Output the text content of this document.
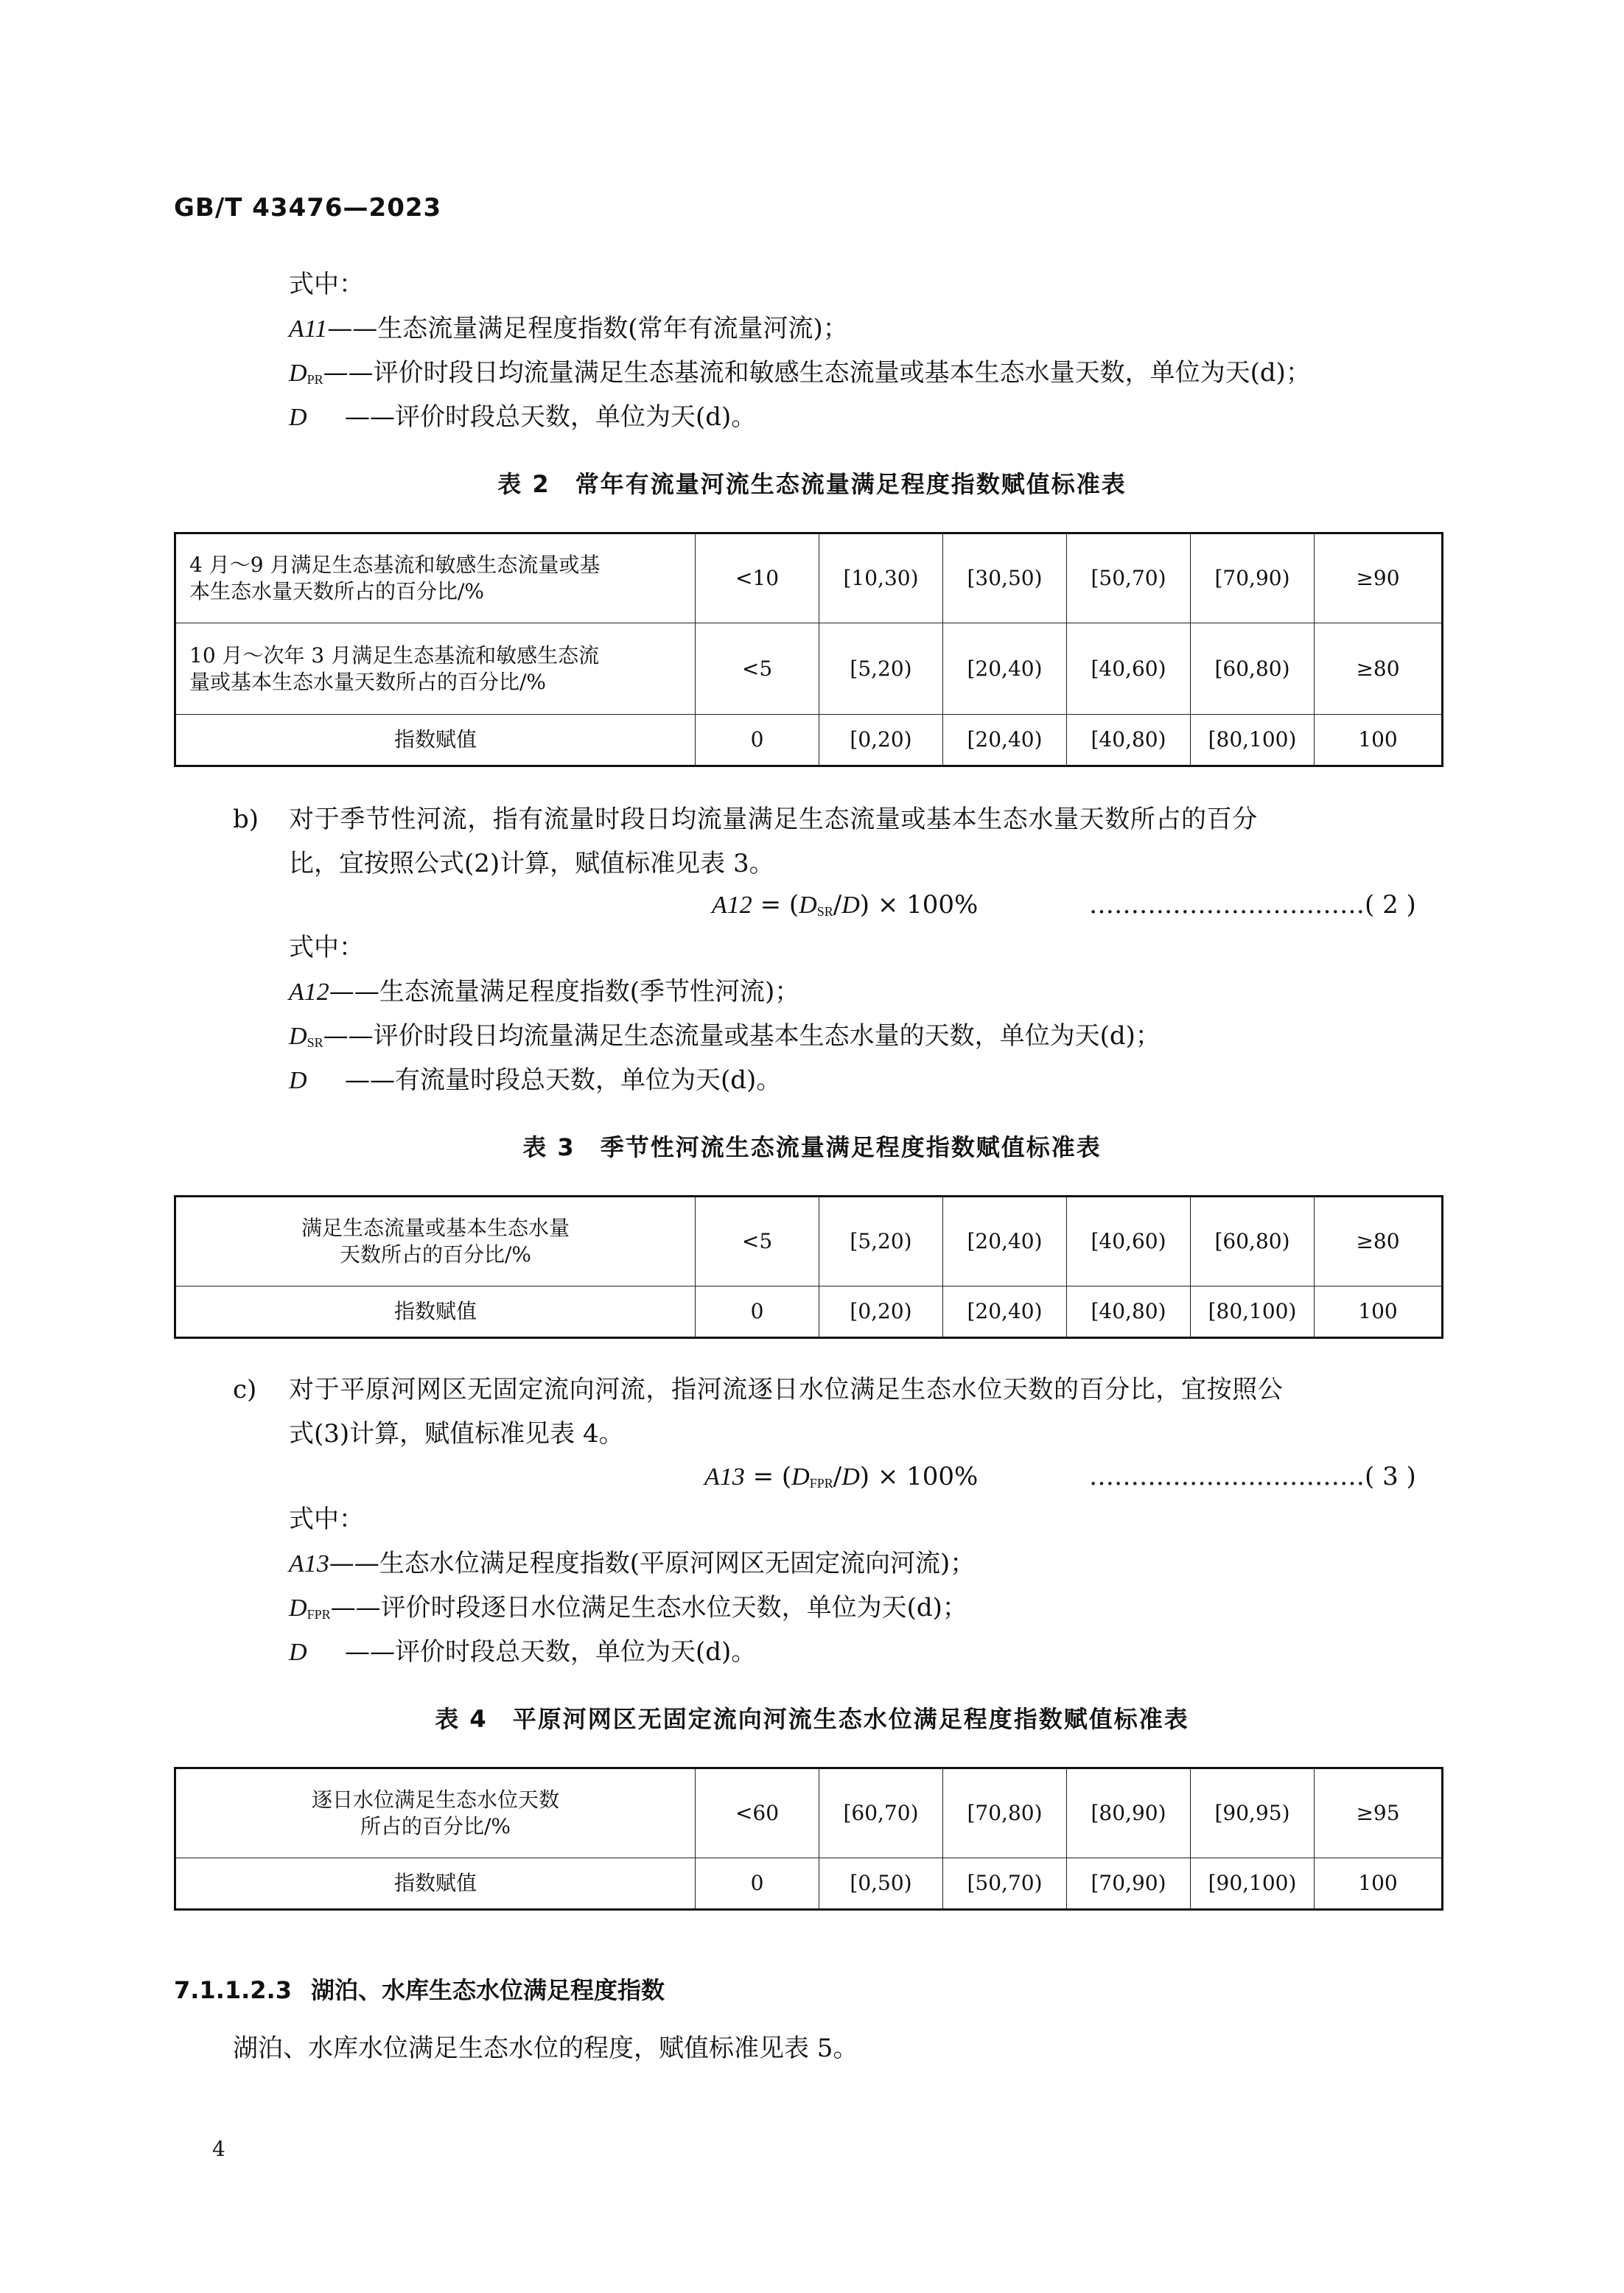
GB/T 43476—2023
式中：
A11——生态流量满足程度指数(常年有流量河流)；
$D_{PR}——$评价时段日均流量满足生态基流和敏感生态流量或基本生态水量天数，单位为天(d)；
D ——评价时段总天数，单位为天(d)。
表 2　常年有流量河流生态流量满足程度指数赋值标准表
4 月～9 月满足生态基流和敏感生态流量或基
本生态水量天数所占的百分比/%	<10	[10,30)	[30,50)	[50,70)	[70,90)	≥90
10 月～次年 3 月满足生态基流和敏感生态流
量或基本生态水量天数所占的百分比/%	<5	[5,20)	[20,40)	[40,60)	[60,80)	≥80
指数赋值	0	[0,20)	[20,40)	[40,80)	[80,100)	100
b) 对于季节性河流，指有流量时段日均流量满足生态流量或基本生态水量天数所占的百分
比，宜按照公式(2)计算，赋值标准见表 3。
$A12 = (D_{SR}/D) \times 100\%$	……………………………( 2 )
式中：
A12——生态流量满足程度指数(季节性河流)；
$D_{SR}——$评价时段日均流量满足生态流量或基本生态水量的天数，单位为天(d)；
D ——有流量时段总天数，单位为天(d)。
表 3　季节性河流生态流量满足程度指数赋值标准表
满足生态流量或基本生态水量
天数所占的百分比/%	<5	[5,20)	[20,40)	[40,60)	[60,80)	≥80
指数赋值	0	[0,20)	[20,40)	[40,80)	[80,100)	100
c) 对于平原河网区无固定流向河流，指河流逐日水位满足生态水位天数的百分比，宜按照公
式(3)计算，赋值标准见表 4。
$A13 = (D_{FPR}/D) \times 100\%$	……………………………( 3 )
式中：
A13——生态水位满足程度指数(平原河网区无固定流向河流)；
$D_{FPR}——$评价时段逐日水位满足生态水位天数，单位为天(d)；
D ——评价时段总天数，单位为天(d)。
表 4　平原河网区无固定流向河流生态水位满足程度指数赋值标准表
逐日水位满足生态水位天数
所占的百分比/%	<60	[60,70)	[70,80)	[80,90)	[90,95)	≥95
指数赋值	0	[0,50)	[50,70)	[70,90)	[90,100)	100
7.1.1.2.3 湖泊、水库生态水位满足程度指数
湖泊、水库水位满足生态水位的程度，赋值标准见表 5。
4
